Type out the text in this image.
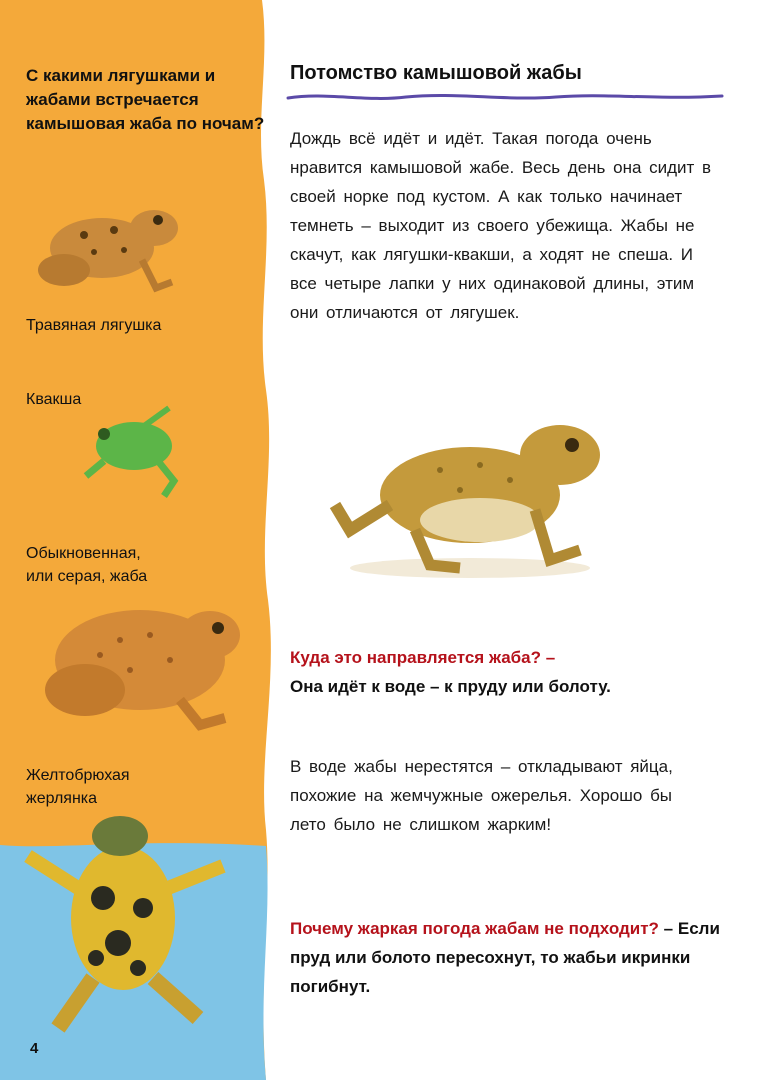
С какими лягушками и жабами встречается камышовая жаба по ночам?
Травяная лягушка
Квакша
Обыкновенная,
или серая, жаба
Желтобрюхая
жерлянка
4
Потомство камышовой жабы
Дождь всё идёт и идёт. Такая погода очень нравится камышовой жабе. Весь день она сидит в своей норке под кустом. А как только начинает темнеть – выходит из своего убежища. Жабы не скачут, как лягушки-квакши, а ходят не спеша. И все четыре лапки у них одинаковой длины, этим они отличаются от лягушек.
Куда это направляется жаба? –
Она идёт к воде – к пруду или болоту.
В воде жабы нерестятся – откладывают яйца, похожие на жемчужные ожерелья. Хорошо бы лето было не слишком жарким!
Почему жаркая погода жабам не подходит? – Если пруд или болото пересохнут, то жабьи икринки погибнут.
